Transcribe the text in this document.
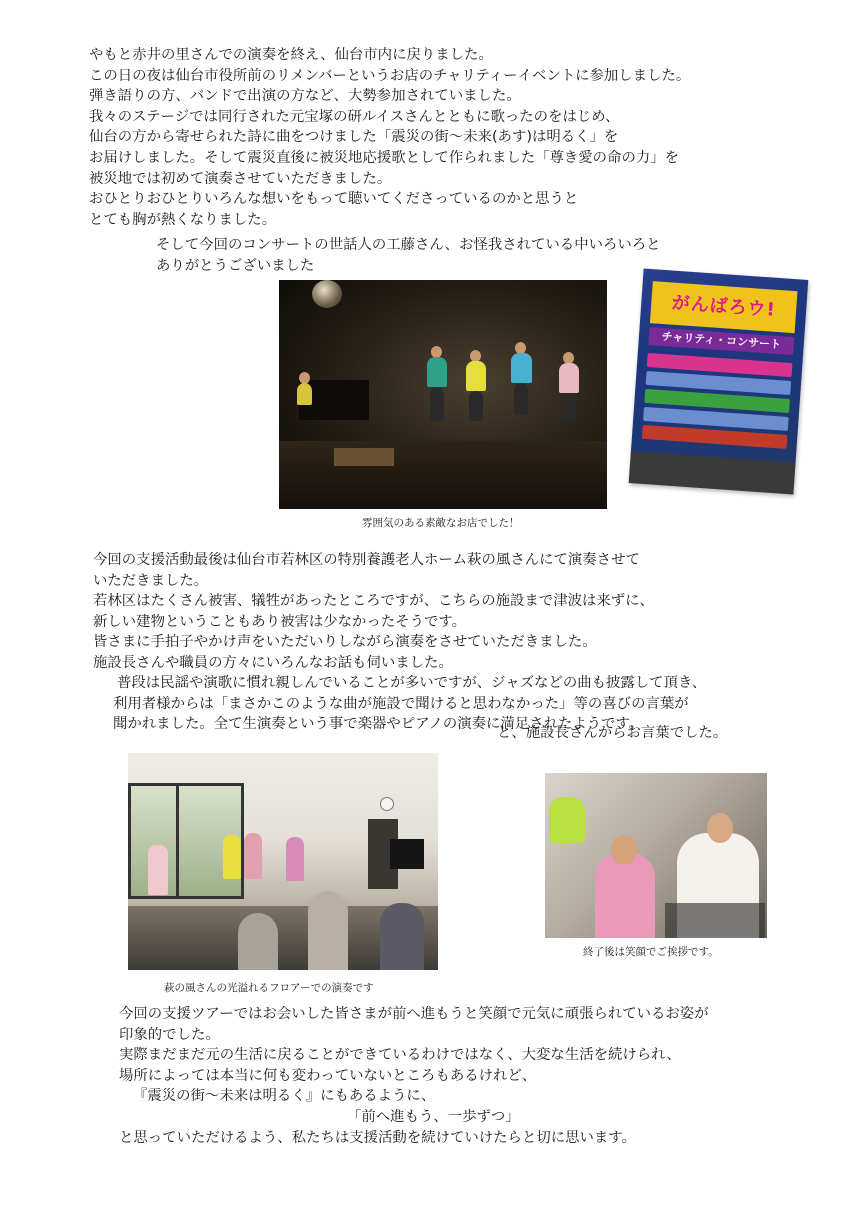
やもと赤井の里さんでの演奏を終え、仙台市内に戻りました。
この日の夜は仙台市役所前のリメンバーというお店のチャリティーイベントに参加しました。
弾き語りの方、バンドで出演の方など、大勢参加されていました。
我々のステージでは同行された元宝塚の研ルイスさんとともに歌ったのをはじめ、
仙台の方から寄せられた詩に曲をつけました「震災の街～未来(あす)は明るく」を
お届けしました。そして震災直後に被災地応援歌として作られました「尊き愛の命の力」を
被災地では初めて演奏させていただきました。
おひとりおひとりいろんな想いをもって聴いてくださっているのかと思うと
とても胸が熱くなりました。
そして今回のコンサートの世話人の工藤さん、お怪我されている中いろいろと
ありがとうございました
がんばろウ!
チャリティ・コンサート
雰囲気のある素敵なお店でした！
今回の支援活動最後は仙台市若林区の特別養護老人ホーム萩の風さんにて演奏させて
いただきました。
若林区はたくさん被害、犠牲があったところですが、こちらの施設まで津波は来ずに、
新しい建物ということもあり被害は少なかったそうです。
皆さまに手拍子やかけ声をいただいりしながら演奏をさせていただきました。
施設長さんや職員の方々にいろんなお話も伺いました。
普段は民謡や演歌に慣れ親しんでいることが多いですが、ジャズなどの曲も披露して頂き、
利用者様からは「まさかこのような曲が施設で聞けると思わなかった」等の喜びの言葉が
聞かれました。全て生演奏という事で楽器やピアノの演奏に満足されたようです。
と、施設長さんからお言葉でした。
萩の風さんの光溢れるフロアーでの演奏です
終了後は笑顔でご挨拶です。
今回の支援ツアーではお会いした皆さまが前へ進もうと笑顔で元気に頑張られているお姿が
印象的でした。
実際まだまだ元の生活に戻ることができているわけではなく、大変な生活を続けられ、
場所によっては本当に何も変わっていないところもあるけれど、
『震災の街～未来は明るく』にもあるように、
「前へ進もう、一歩ずつ」
と思っていただけるよう、私たちは支援活動を続けていけたらと切に思います。
